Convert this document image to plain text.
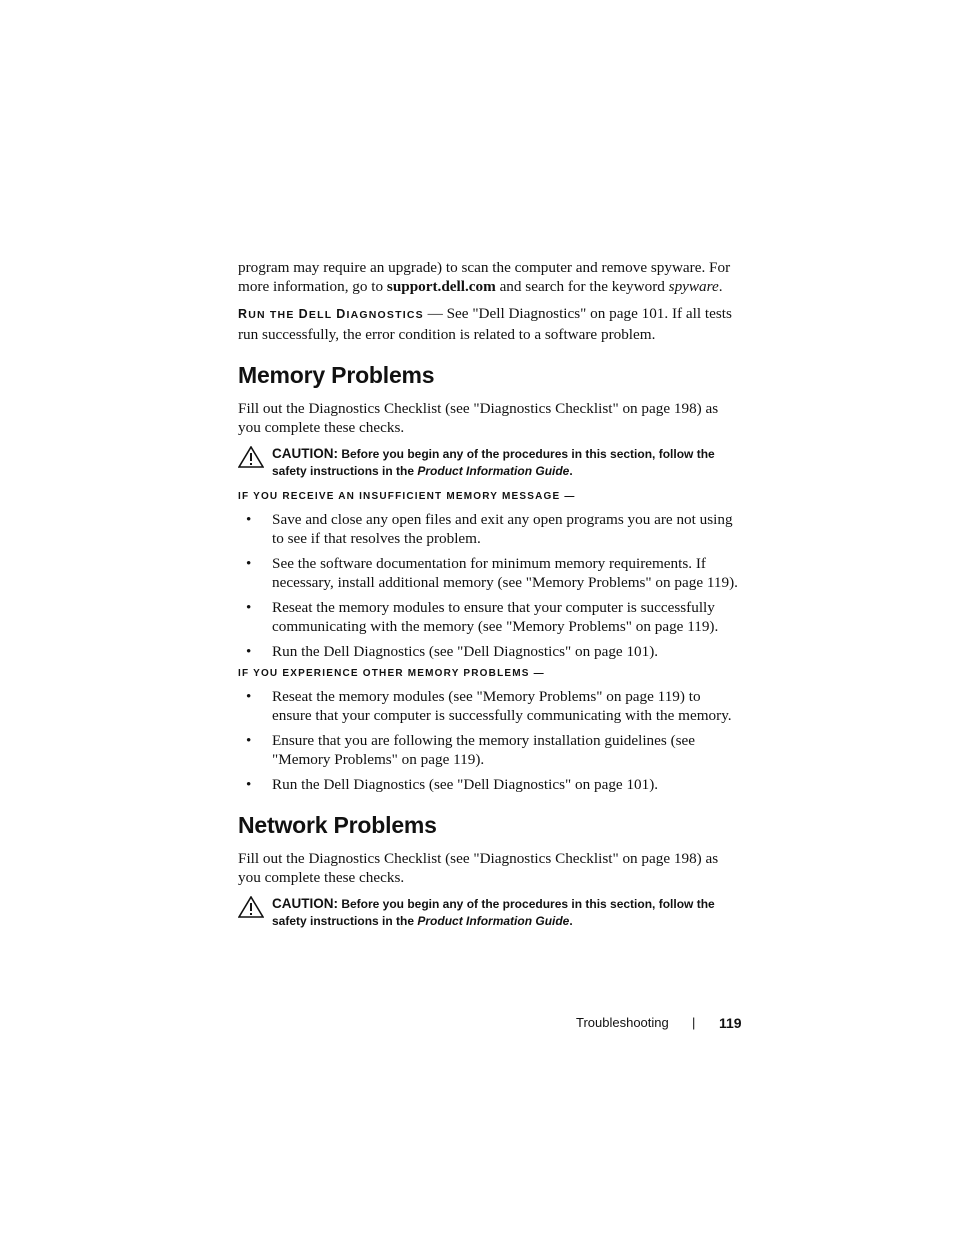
program may require an upgrade) to scan the computer and remove spyware. For more information, go to support.dell.com and search for the keyword spyware.

RUN THE DELL DIAGNOSTICS — See "Dell Diagnostics" on page 101. If all tests run successfully, the error condition is related to a software problem.

Memory Problems

Fill out the Diagnostics Checklist (see "Diagnostics Checklist" on page 198) as you complete these checks.

CAUTION: Before you begin any of the procedures in this section, follow the safety instructions in the Product Information Guide.

IF YOU RECEIVE AN INSUFFICIENT MEMORY MESSAGE —

• Save and close any open files and exit any open programs you are not using to see if that resolves the problem.
• See the software documentation for minimum memory requirements. If necessary, install additional memory (see "Memory Problems" on page 119).
• Reseat the memory modules to ensure that your computer is successfully communicating with the memory (see "Memory Problems" on page 119).
• Run the Dell Diagnostics (see "Dell Diagnostics" on page 101).

IF YOU EXPERIENCE OTHER MEMORY PROBLEMS —

• Reseat the memory modules (see "Memory Problems" on page 119) to ensure that your computer is successfully communicating with the memory.
• Ensure that you are following the memory installation guidelines (see "Memory Problems" on page 119).
• Run the Dell Diagnostics (see "Dell Diagnostics" on page 101).
Network Problems

Fill out the Diagnostics Checklist (see "Diagnostics Checklist" on page 198) as you complete these checks.

CAUTION: Before you begin any of the procedures in this section, follow the safety instructions in the Product Information Guide.
Troubleshooting | 119
